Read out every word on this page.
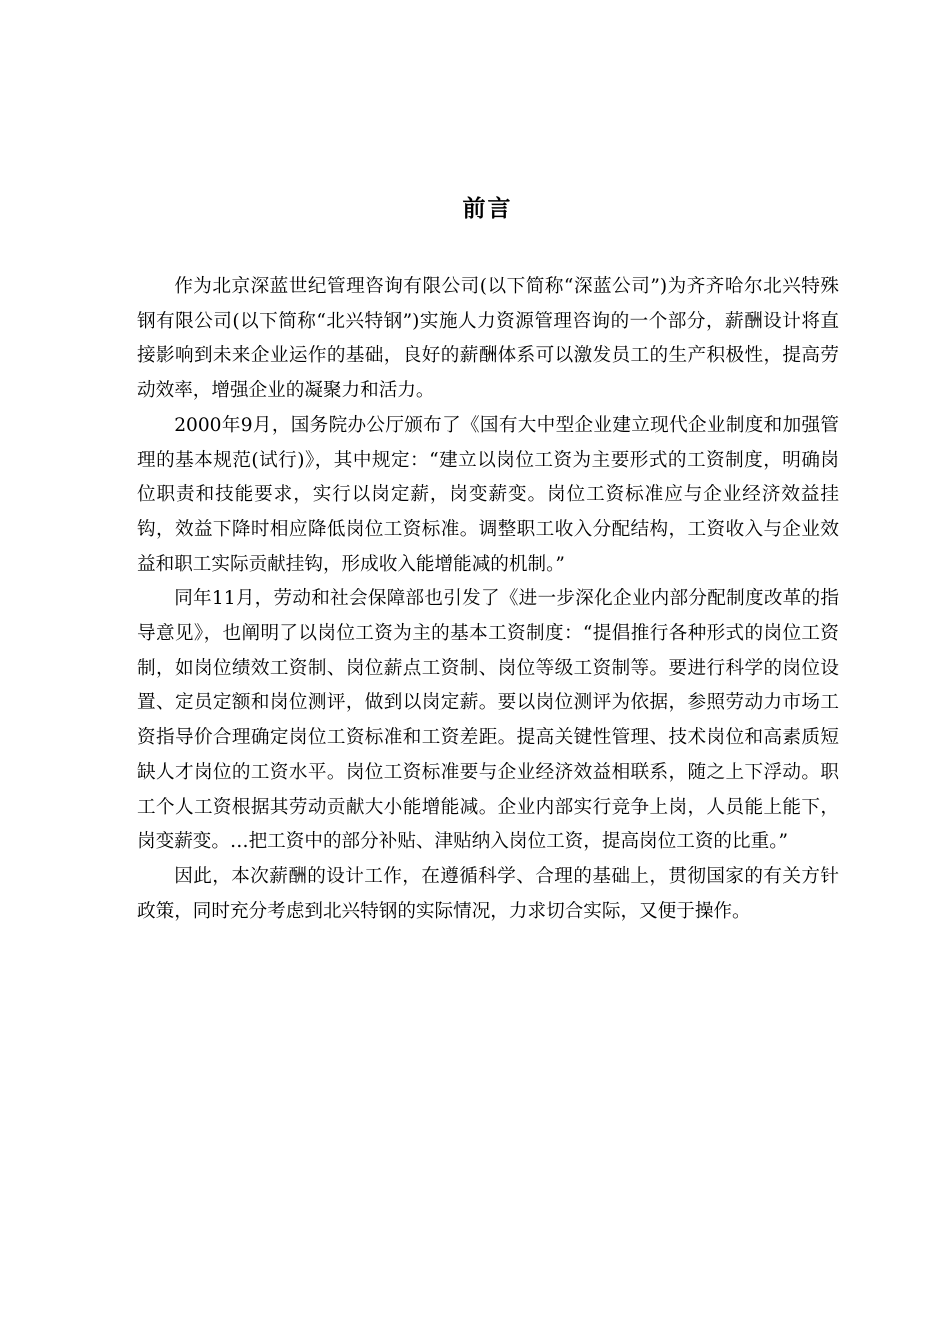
前言

作为北京深蓝世纪管理咨询有限公司(以下简称“深蓝公司”)为齐齐哈尔北兴特殊钢有限公司(以下简称“北兴特钢”)实施人力资源管理咨询的一个部分，薪酬设计将直接影响到未来企业运作的基础，良好的薪酬体系可以激发员工的生产积极性，提高劳动效率，增强企业的凝聚力和活力。

2000年9月，国务院办公厅颁布了《国有大中型企业建立现代企业制度和加强管理的基本规范(试行)》，其中规定：“建立以岗位工资为主要形式的工资制度，明确岗位职责和技能要求，实行以岗定薪，岗变薪变。岗位工资标准应与企业经济效益挂钩，效益下降时相应降低岗位工资标准。调整职工收入分配结构，工资收入与企业效益和职工实际贡献挂钩，形成收入能增能减的机制。”

同年11月，劳动和社会保障部也引发了《进一步深化企业内部分配制度改革的指导意见》，也阐明了以岗位工资为主的基本工资制度：“提倡推行各种形式的岗位工资制，如岗位绩效工资制、岗位薪点工资制、岗位等级工资制等。要进行科学的岗位设置、定员定额和岗位测评，做到以岗定薪。要以岗位测评为依据，参照劳动力市场工资指导价合理确定岗位工资标准和工资差距。提高关键性管理、技术岗位和高素质短缺人才岗位的工资水平。岗位工资标准要与企业经济效益相联系，随之上下浮动。职工个人工资根据其劳动贡献大小能增能减。企业内部实行竞争上岗，人员能上能下，岗变薪变。…把工资中的部分补贴、津贴纳入岗位工资，提高岗位工资的比重。”

因此，本次薪酬的设计工作，在遵循科学、合理的基础上，贯彻国家的有关方针政策，同时充分考虑到北兴特钢的实际情况，力求切合实际，又便于操作。
